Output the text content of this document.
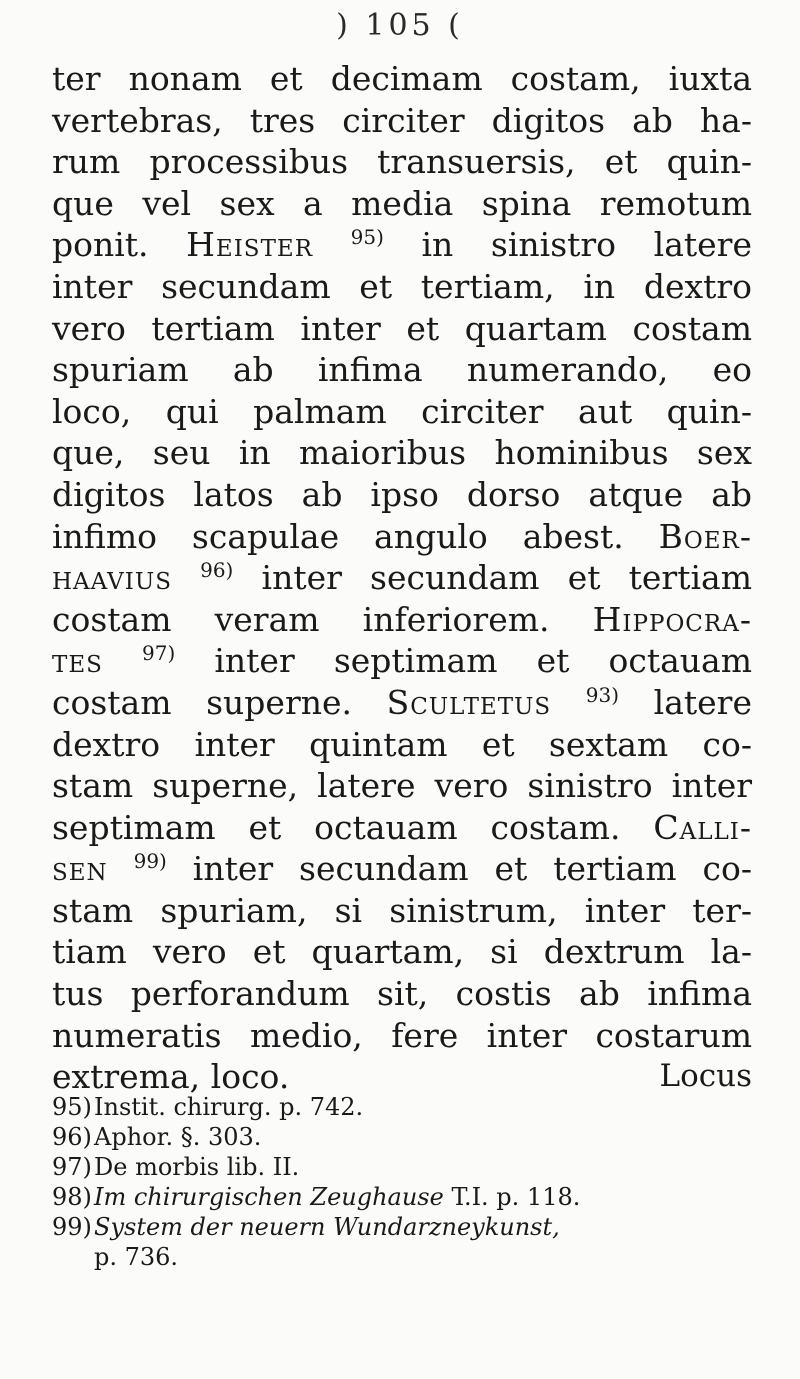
) 105 (
ter nonam et decimam costam, iuxta
vertebras, tres circiter digitos ab ha-
rum processibus transuersis, et quin-
que vel sex a media spina remotum
ponit. Heister $^{95)}$ in sinistro latere
inter secundam et tertiam, in dextro
vero tertiam inter et quartam costam
spuriam ab infima numerando, eo
loco, qui palmam circiter aut quin-
que, seu in maioribus hominibus sex
digitos latos ab ipso dorso atque ab
infimo scapulae angulo abest. Boer-
haavius $^{96)}$ inter secundam et tertiam
costam veram inferiorem. Hippocra-
tes $^{97)}$ inter septimam et octauam
costam superne. Scultetus $^{93)}$ latere
dextro inter quintam et sextam co-
stam superne, latere vero sinistro inter
septimam et octauam costam. Calli-
sen $^{99)}$ inter secundam et tertiam co-
stam spuriam, si sinistrum, inter ter-
tiam vero et quartam, si dextrum la-
tus perforandum sit, costis ab infima
numeratis medio, fere inter costarum
extrema, loco.	Locus
95)Instit. chirurg. p. 742.
96)Aphor. §. 303.
97)De morbis lib. II.
98)Im chirurgischen Zeughause T.I. p. 118.
99)System der neuern Wundarzneykunst,
p. 736.
